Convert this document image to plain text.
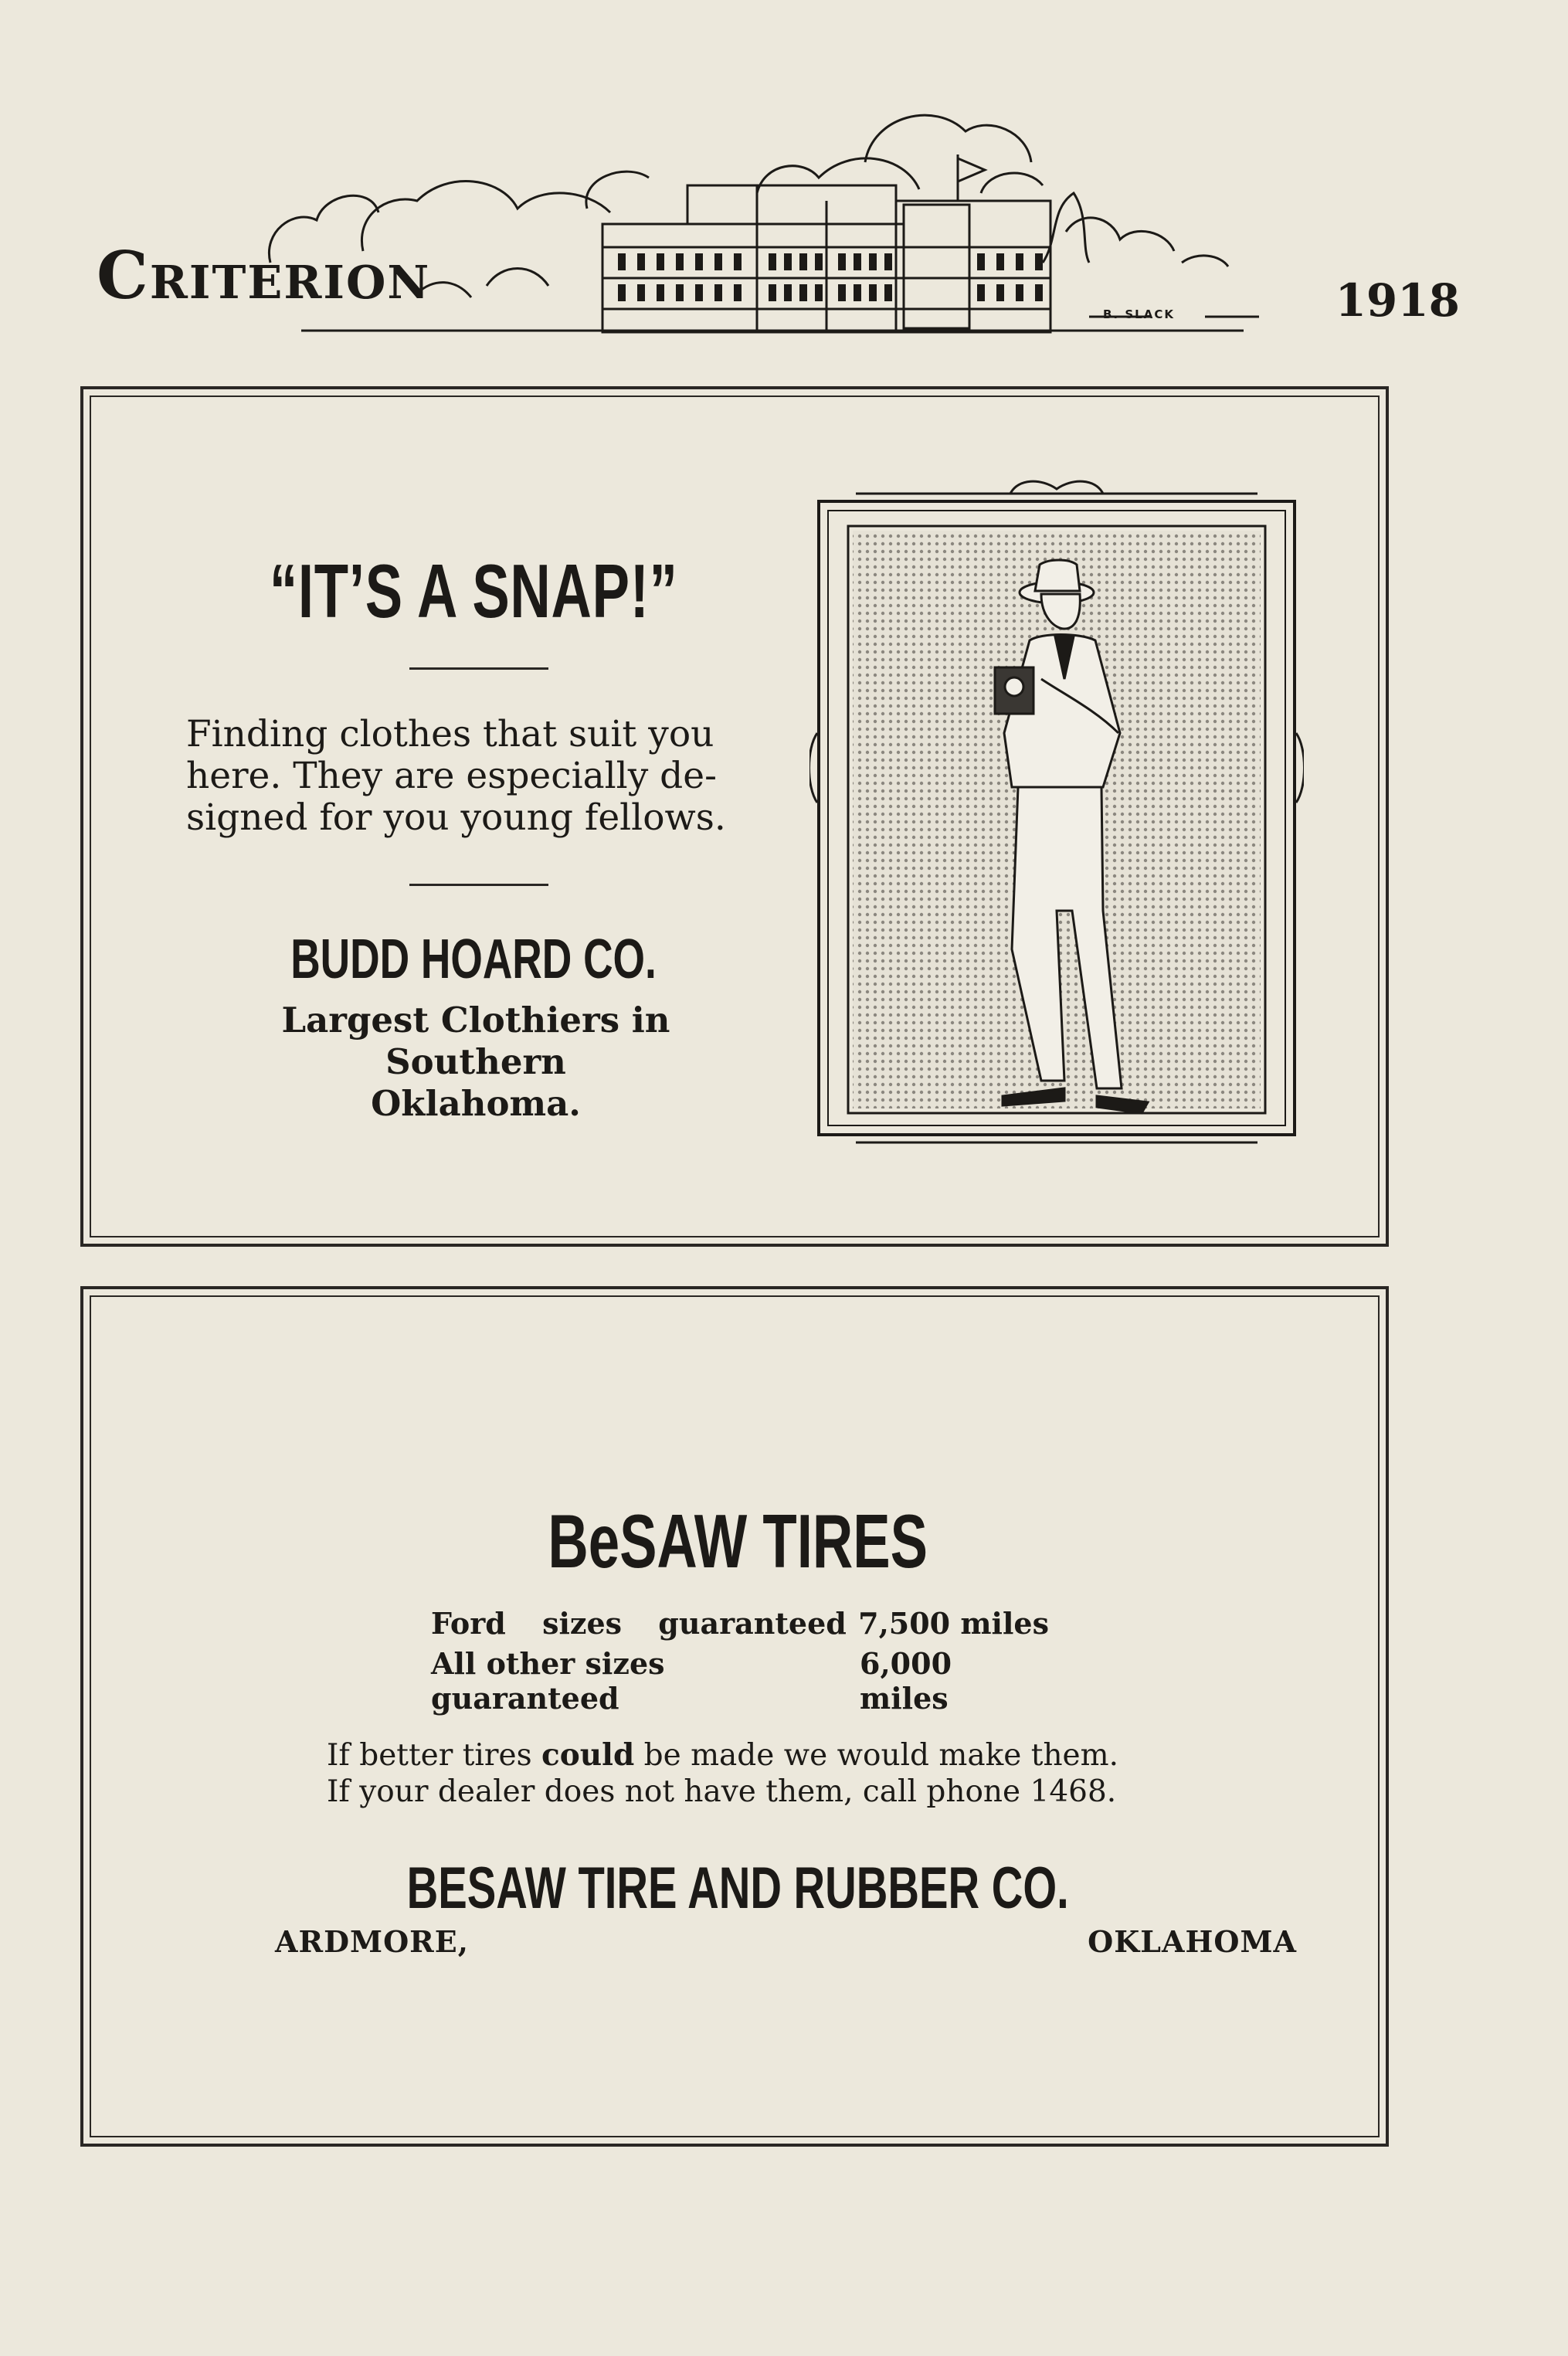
Criterion
B. SLACK	1918
“IT’S A SNAP!”
Finding clothes that suit you
here. They are especially de-
signed for you young fellows.
BUDD HOARD CO.
Largest Clothiers in Southern
Oklahoma.
BeSAW TIRES
Ford sizes guaranteed 7,500 miles
All other sizes guaranteed
6,000 miles
If better tires could be made we would make them.
If your dealer does not have them, call phone 1468.
BESAW TIRE AND RUBBER CO.
ARDMORE,	OKLAHOMA
